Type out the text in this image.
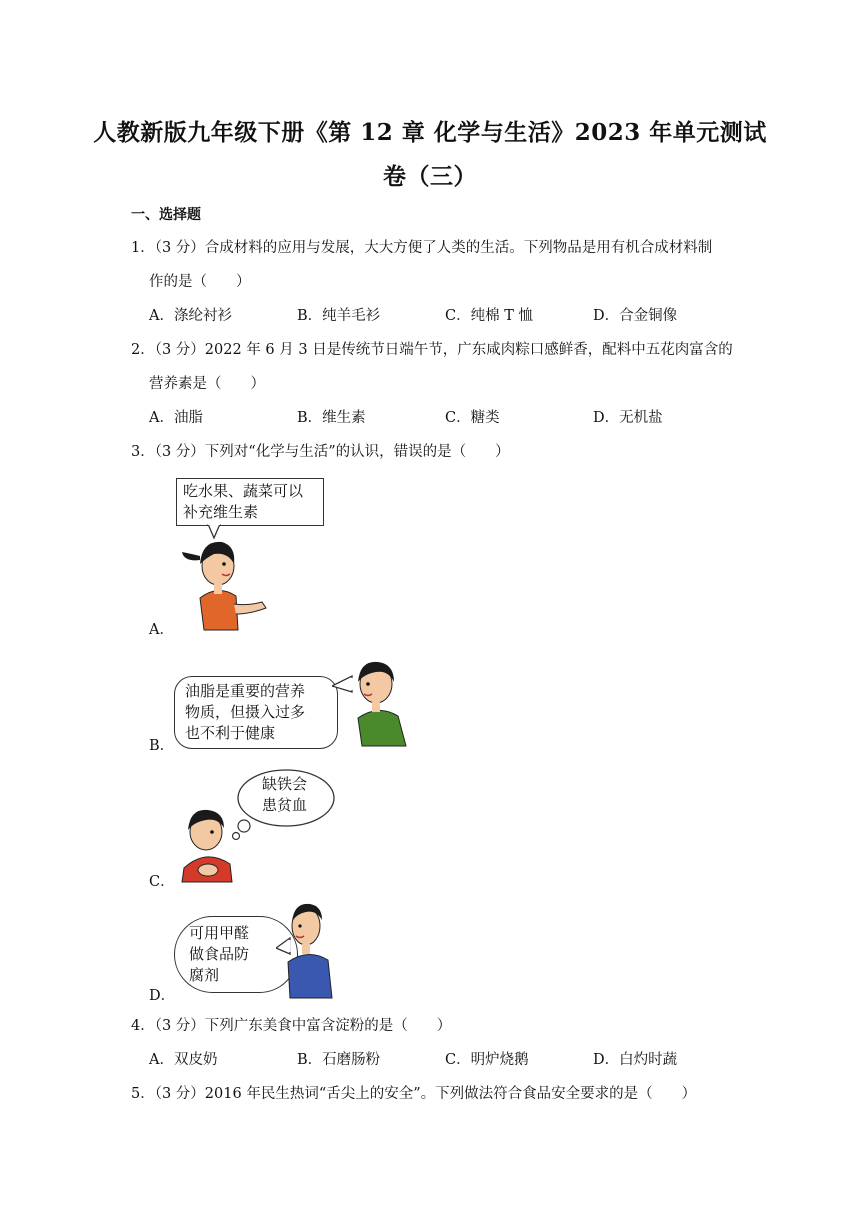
人教新版九年级下册《第 12 章 化学与生活》2023 年单元测试
卷（三）
一、选择题
1．（3 分）合成材料的应用与发展，大大方便了人类的生活。下列物品是用有机合成材料制
作的是（　　）
A．涤纶衬衫	B．纯羊毛衫	C．纯棉 T 恤	D．合金铜像
2．（3 分）2022 年 6 月 3 日是传统节日端午节，广东咸肉粽口感鲜香，配料中五花肉富含的
营养素是（　　）
A．油脂	B．维生素	C．糖类	D．无机盐
3．（3 分）下列对“化学与生活”的认识，错误的是（　　）
吃水果、蔬菜可以
补充维生素
A．
油脂是重要的营养
物质，但摄入过多
也不利于健康
B．
缺铁会
患贫血
C．
可用甲醛
做食品防
腐剂
D．
4．（3 分）下列广东美食中富含淀粉的是（　　）
A．双皮奶	B．石磨肠粉	C．明炉烧鹅	D．白灼时蔬
5．（3 分）2016 年民生热词“舌尖上的安全”。下列做法符合食品安全要求的是（　　）
